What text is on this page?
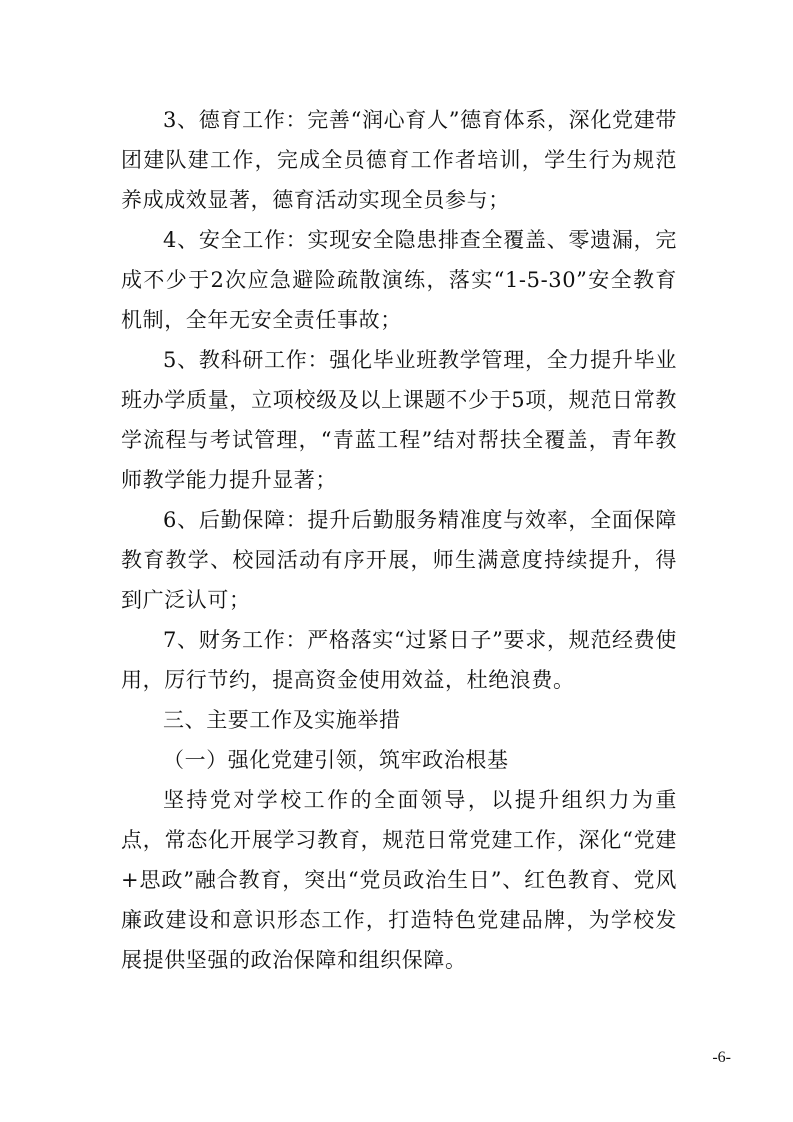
3、德育工作：完善“润心育人”德育体系，深化党建带团建队建工作，完成全员德育工作者培训，学生行为规范养成成效显著，德育活动实现全员参与；

4、安全工作：实现安全隐患排查全覆盖、零遗漏，完成不少于2次应急避险疏散演练，落实“1-5-30”安全教育机制，全年无安全责任事故；

5、教科研工作：强化毕业班教学管理，全力提升毕业班办学质量，立项校级及以上课题不少于5项，规范日常教学流程与考试管理，“青蓝工程”结对帮扶全覆盖，青年教师教学能力提升显著；

6、后勤保障：提升后勤服务精准度与效率，全面保障教育教学、校园活动有序开展，师生满意度持续提升，得到广泛认可；

7、财务工作：严格落实“过紧日子”要求，规范经费使用，厉行节约，提高资金使用效益，杜绝浪费。

三、主要工作及实施举措

（一）强化党建引领，筑牢政治根基

坚持党对学校工作的全面领导，以提升组织力为重点，常态化开展学习教育，规范日常党建工作，深化“党建+思政”融合教育，突出“党员政治生日”、红色教育、党风廉政建设和意识形态工作，打造特色党建品牌，为学校发展提供坚强的政治保障和组织保障。

-6-
